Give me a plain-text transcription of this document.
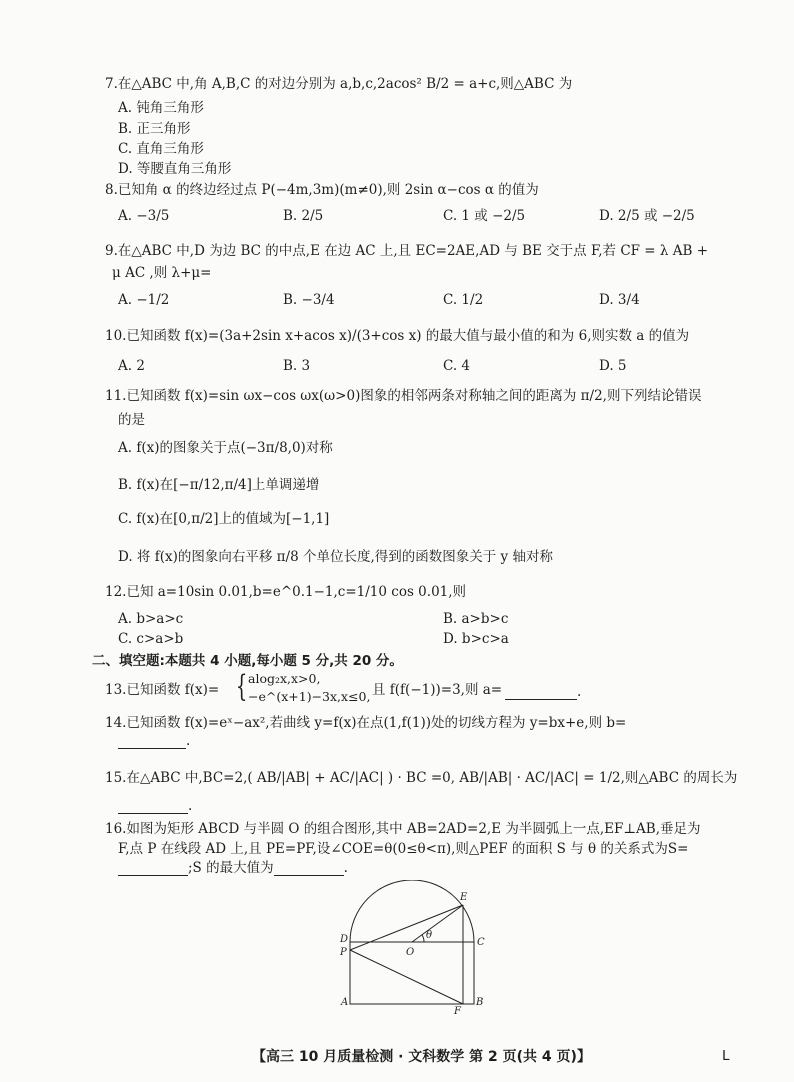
7.在△ABC 中,角 A,B,C 的对边分别为 a,b,c,2acos² B/2 = a+c,则△ABC 为
A. 钝角三角形
B. 正三角形
C. 直角三角形
D. 等腰直角三角形
8.已知角 α 的终边经过点 P(−4m,3m)(m≠0),则 2sin α−cos α 的值为
A. −3/5	B. 2/5	C. 1 或 −2/5	D. 2/5 或 −2/5
9.在△ABC 中,D 为边 BC 的中点,E 在边 AC 上,且 EC=2AE,AD 与 BE 交于点 F,若 CF = λ AB +
μ AC ,则 λ+μ=
A. −1/2	B. −3/4	C. 1/2	D. 3/4
10.已知函数 f(x)=(3a+2sin x+acos x)/(3+cos x) 的最大值与最小值的和为 6,则实数 a 的值为
A. 2	B. 3	C. 4	D. 5
11.已知函数 f(x)=sin ωx−cos ωx(ω>0)图象的相邻两条对称轴之间的距离为 π/2,则下列结论错误
的是
A. f(x)的图象关于点(−3π/8,0)对称
B. f(x)在[−π/12,π/4]上单调递增
C. f(x)在[0,π/2]上的值域为[−1,1]
D. 将 f(x)的图象向右平移 π/8 个单位长度,得到的函数图象关于 y 轴对称
12.已知 a=10sin 0.01,b=e^0.1−1,c=1/10 cos 0.01,则
A. b>a>c	B. a>b>c
C. c>a>b	D. b>c>a
二、填空题:本题共 4 小题,每小题 5 分,共 20 分。
13.已知函数 f(x)= { alog₂x,x>0,
−e^(x+1)−3x,x≤0, 且 f(f(−1))=3,则 a=	.
14.已知函数 f(x)=eˣ−ax²,若曲线 y=f(x)在点(1,f(1))处的切线方程为 y=bx+e,则 b=
.
15.在△ABC 中,BC=2,( AB/|AB| + AC/|AC| ) · BC =0, AB/|AB| · AC/|AC| = 1/2,则△ABC 的周长为
.
16.如图为矩形 ABCD 与半圆 O 的组合图形,其中 AB=2AD=2,E 为半圆弧上一点,EF⊥AB,垂足为
F,点 P 在线段 AD 上,且 PE=PF,设∠COE=θ(0≤θ<π),则△PEF 的面积 S 与 θ 的关系式为S=
;S 的最大值为	.
D
P	O
θ
C
E
A
F
B
【高三 10 月质量检测 · 文科数学 第 2 页(共 4 页)】	L
